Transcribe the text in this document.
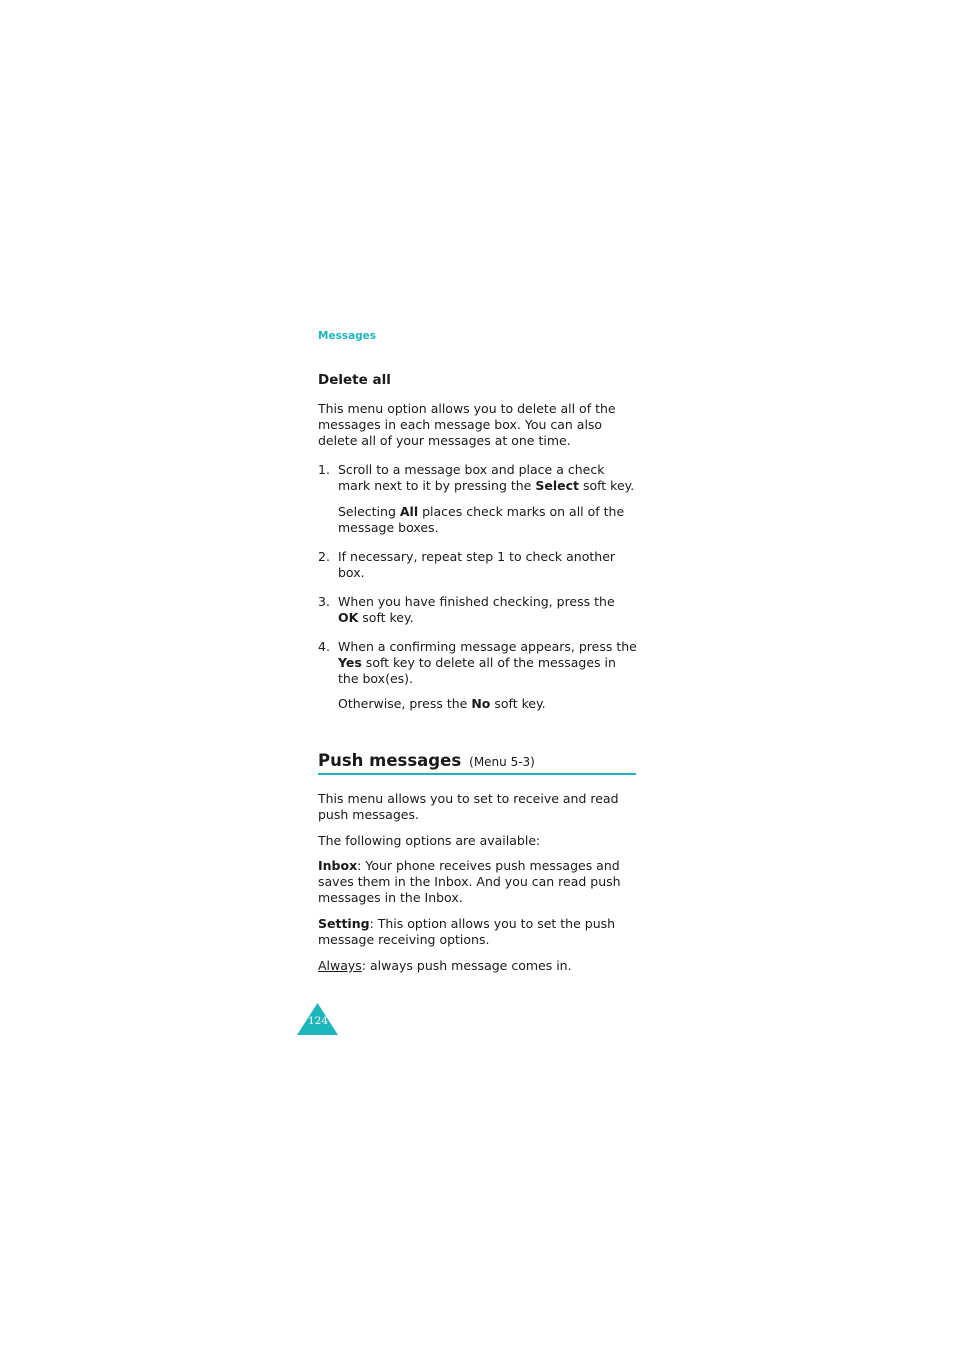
Messages
Delete all

This menu option allows you to delete all of the messages in each message box. You can also delete all of your messages at one time.

1. Scroll to a message box and place a check mark next to it by pressing the Select soft key.

Selecting All places check marks on all of the message boxes.

2. If necessary, repeat step 1 to check another box.

3. When you have finished checking, press the OK soft key.

4. When a confirming message appears, press the Yes soft key to delete all of the messages in the box(es).

Otherwise, press the No soft key.

Push messages (Menu 5-3)

This menu allows you to set to receive and read push messages.

The following options are available:

Inbox: Your phone receives push messages and saves them in the Inbox. And you can read push messages in the Inbox.

Setting: This option allows you to set the push message receiving options.

Always: always push message comes in.

124
